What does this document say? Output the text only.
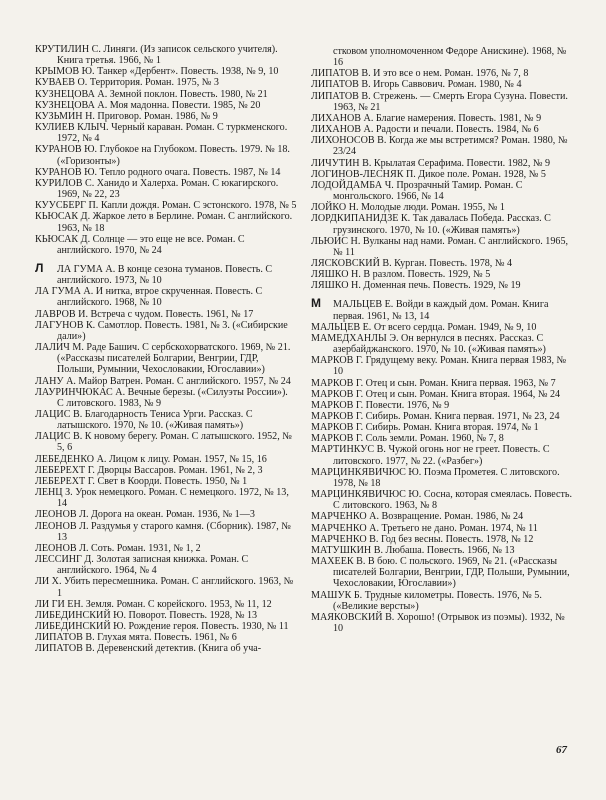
КРУТИЛИН С. Линяги. (Из записок сельского учителя). Книга третья. 1966, № 1

КРЫМОВ Ю. Танкер «Дербент». Повесть. 1938, № 9, 10

КУВАЕВ О. Территория. Роман. 1975, № 3

КУЗНЕЦОВА А. Земной поклон. Повесть. 1980, № 21

КУЗНЕЦОВА А. Моя мадонна. Повести. 1985, № 20

КУЗЬМИН Н. Приговор. Роман. 1986, № 9

КУЛИЕВ КЛЫЧ. Черный караван. Роман. С туркменского. 1972, № 4

КУРАНОВ Ю. Глубокое на Глубоком. Повесть. 1979. № 18. («Горизонты»)

КУРАНОВ Ю. Тепло родного очага. Повесть. 1987, № 14

КУРИЛОВ С. Ханидо и Халерха. Роман. С юкагирского. 1969, № 22, 23

КУУСБЕРГ П. Капли дождя. Роман. С эстонского. 1978, № 5

КЬЮСАК Д. Жаркое лето в Берлине. Роман. С английского. 1963, № 18

КЬЮСАК Д. Солнце — это еще не все. Роман. С английского. 1970, № 24

Л ЛА ГУМА А. В конце сезона туманов. Повесть. С английского. 1973, № 10

ЛА ГУМА А. И нитка, втрое скрученная. Повесть. С английского. 1968, № 10

ЛАВРОВ И. Встреча с чудом. Повесть. 1961, № 17

ЛАГУНОВ К. Самотлор. Повесть. 1981, № 3. («Сибирские дали»)

ЛАЛИЧ М. Раде Башич. С сербскохорватского. 1969, № 21. («Рассказы писателей Болгарии, Венгрии, ГДР, Польши, Румынии, Чехословакии, Югославии»)

ЛАНУ А. Майор Ватрен. Роман. С английского. 1957, № 24

ЛАУРИНЧЮКАС А. Вечные березы. («Силуэты России»). С литовского. 1983, № 9

ЛАЦИС В. Благодарность Тениса Урги. Рассказ. С латышского. 1970, № 10. («Живая память»)

ЛАЦИС В. К новому берегу. Роман. С латышского. 1952, № 5, 6

ЛЕБЕДЕНКО А. Лицом к лицу. Роман. 1957, № 15, 16

ЛЕБЕРЕХТ Г. Дворцы Вассаров. Роман. 1961, № 2, 3

ЛЕБЕРЕХТ Г. Свет в Коорди. Повесть. 1950, № 1

ЛЕНЦ З. Урок немецкого. Роман. С немецкого. 1972, № 13, 14

ЛЕОНОВ Л. Дорога на океан. Роман. 1936, № 1—3

ЛЕОНОВ Л. Раздумья у старого камня. (Сборник). 1987, № 13

ЛЕОНОВ Л. Соть. Роман. 1931, № 1, 2

ЛЕССИНГ Д. Золотая записная книжка. Роман. С английского. 1964, № 4

ЛИ Х. Убить пересмешника. Роман. С английского. 1963, № 1

ЛИ ГИ ЕН. Земля. Роман. С корейского. 1953, № 11, 12

ЛИБЕДИНСКИЙ Ю. Поворот. Повесть. 1928, № 13

ЛИБЕДИНСКИЙ Ю. Рождение героя. Повесть. 1930, № 11

ЛИПАТОВ В. Глухая мята. Повесть. 1961, № 6

ЛИПАТОВ В. Деревенский детектив. (Книга об уча-

стковом уполномоченном Федоре Анискине). 1968, № 16

ЛИПАТОВ В. И это все о нем. Роман. 1976, № 7, 8

ЛИПАТОВ В. Игорь Саввович. Роман. 1980, № 4

ЛИПАТОВ В. Стрежень. — Смерть Егора Сузуна. Повести. 1963, № 21

ЛИХАНОВ А. Благие намерения. Повесть. 1981, № 9

ЛИХАНОВ А. Радости и печали. Повесть. 1984, № 6

ЛИХОНОСОВ В. Когда же мы встретимся? Роман. 1980, № 23/24

ЛИЧУТИН В. Крылатая Серафима. Повести. 1982, № 9

ЛОГИНОВ-ЛЕСНЯК П. Дикое поле. Роман. 1928, № 5

ЛОДОЙДАМБА Ч. Прозрачный Тамир. Роман. С монгольского. 1966, № 14

ЛОЙКО Н. Молодые люди. Роман. 1955, № 1

ЛОРДКИПАНИДЗЕ К. Так давалась Победа. Рассказ. С грузинского. 1970, № 10. («Живая память»)

ЛЬЮИС Н. Вулканы над нами. Роман. С английского. 1965, № 11

ЛЯСКОВСКИЙ В. Курган. Повесть. 1978, № 4

ЛЯШКО Н. В разлом. Повесть. 1929, № 5

ЛЯШКО Н. Доменная печь. Повесть. 1929, № 19

М МАЛЬЦЕВ Е. Войди в каждый дом. Роман. Книга первая. 1961, № 13, 14

МАЛЬЦЕВ Е. От всего сердца. Роман. 1949, № 9, 10

МАМЕДХАНЛЫ Э. Он вернулся в песнях. Рассказ. С азербайджанского. 1970, № 10. («Живая память»)

МАРКОВ Г. Грядущему веку. Роман. Книга первая 1983, № 10

МАРКОВ Г. Отец и сын. Роман. Книга первая. 1963, № 7

МАРКОВ Г. Отец и сын. Роман. Книга вторая. 1964, № 24

МАРКОВ Г. Повести. 1976, № 9

МАРКОВ Г. Сибирь. Роман. Книга первая. 1971, № 23, 24

МАРКОВ Г. Сибирь. Роман. Книга вторая. 1974, № 1

МАРКОВ Г. Соль земли. Роман. 1960, № 7, 8

МАРТИНКУС В. Чужой огонь ног не греет. Повесть. С литовского. 1977, № 22. («Разбег»)

МАРЦИНКЯВИЧЮС Ю. Поэма Прометея. С литовского. 1978, № 18

МАРЦИНКЯВИЧЮС Ю. Сосна, которая смеялась. Повесть. С литовского. 1963, № 8

МАРЧЕНКО А. Возвращение. Роман. 1986, № 24

МАРЧЕНКО А. Третьего не дано. Роман. 1974, № 11

МАРЧЕНКО В. Год без весны. Повесть. 1978, № 12

МАТУШКИН В. Любаша. Повесть. 1966, № 13

МАХЕЕК В. В бою. С польского. 1969, № 21. («Рассказы писателей Болгарии, Венгрии, ГДР, Польши, Румынии, Чехословакии, Югославии»)

МАШУК Б. Трудные километры. Повесть. 1976, № 5. («Великие версты»)

МАЯКОВСКИЙ В. Хорошо! (Отрывок из поэмы). 1932, № 10

67
